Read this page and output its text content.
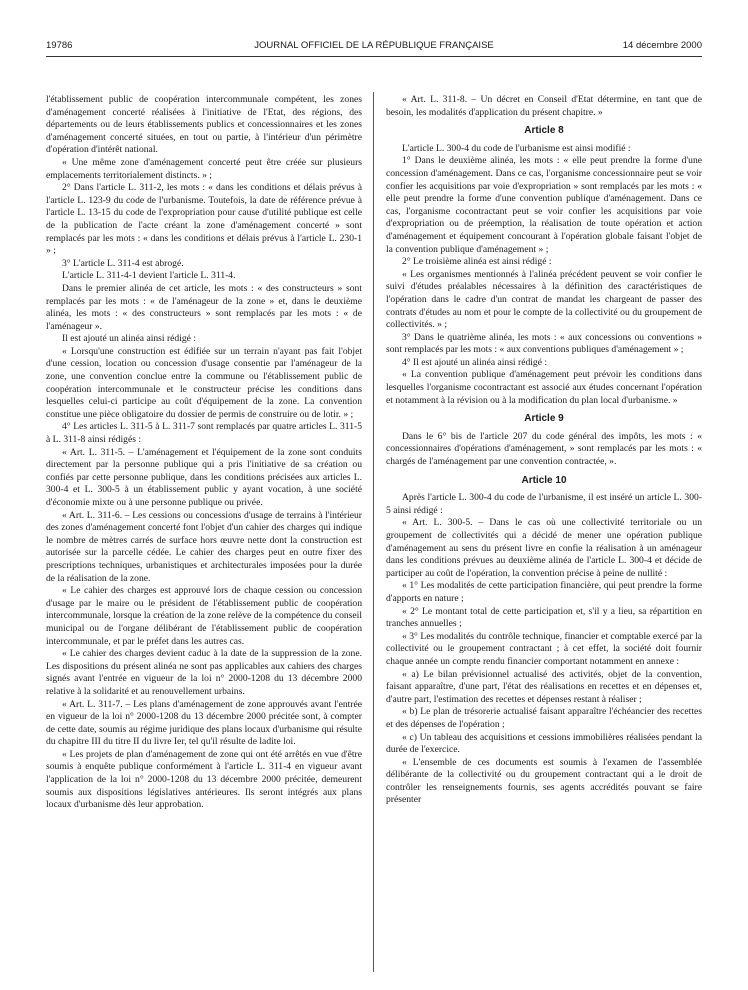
19786	JOURNAL OFFICIEL DE LA RÉPUBLIQUE FRANÇAISE	14 décembre 2000

l'établissement public de coopération intercommunale compétent, les zones d'aménagement concerté réalisées à l'initiative de l'Etat, des régions, des départements ou de leurs établissements publics et concessionnaires et les zones d'aménagement concerté situées, en tout ou partie, à l'intérieur d'un périmètre d'opération d'intérêt national.

« Une même zone d'aménagement concerté peut être créée sur plusieurs emplacements territorialement distincts. » ;

2° Dans l'article L. 311-2, les mots : « dans les conditions et délais prévus à l'article L. 123-9 du code de l'urbanisme. Toutefois, la date de référence prévue à l'article L. 13-15 du code de l'expropriation pour cause d'utilité publique est celle de la publication de l'acte créant la zone d'aménagement concerté » sont remplacés par les mots : « dans les conditions et délais prévus à l'article L. 230-1 » ;

3° L'article L. 311-4 est abrogé.

L'article L. 311-4-1 devient l'article L. 311-4.

Dans le premier alinéa de cet article, les mots : « des constructeurs » sont remplacés par les mots : « de l'aménageur de la zone » et, dans le deuxième alinéa, les mots : « des constructeurs » sont remplacés par les mots : « de l'aménageur ».

Il est ajouté un alinéa ainsi rédigé :

« Lorsqu'une construction est édifiée sur un terrain n'ayant pas fait l'objet d'une cession, location ou concession d'usage consentie par l'aménageur de la zone, une convention conclue entre la commune ou l'établissement public de coopération intercommunale et le constructeur précise les conditions dans lesquelles celui-ci participe au coût d'équipement de la zone. La convention constitue une pièce obligatoire du dossier de permis de construire ou de lotir. » ;

4° Les articles L. 311-5 à L. 311-7 sont remplacés par quatre articles L. 311-5 à L. 311-8 ainsi rédigés :

« Art. L. 311-5. – L'aménagement et l'équipement de la zone sont conduits directement par la personne publique qui a pris l'initiative de sa création ou confiés par cette personne publique, dans les conditions précisées aux articles L. 300-4 et L. 300-5 à un établissement public y ayant vocation, à une société d'économie mixte ou à une personne publique ou privée.

« Art. L. 311-6. – Les cessions ou concessions d'usage de terrains à l'intérieur des zones d'aménagement concerté font l'objet d'un cahier des charges qui indique le nombre de mètres carrés de surface hors œuvre nette dont la construction est autorisée sur la parcelle cédée. Le cahier des charges peut en outre fixer des prescriptions techniques, urbanistiques et architecturales imposées pour la durée de la réalisation de la zone.

« Le cahier des charges est approuvé lors de chaque cession ou concession d'usage par le maire ou le président de l'établissement public de coopération intercommunale, lorsque la création de la zone relève de la compétence du conseil municipal ou de l'organe délibérant de l'établissement public de coopération intercommunale, et par le préfet dans les autres cas.

« Le cahier des charges devient caduc à la date de la suppression de la zone. Les dispositions du présent alinéa ne sont pas applicables aux cahiers des charges signés avant l'entrée en vigueur de la loi n° 2000-1208 du 13 décembre 2000 relative à la solidarité et au renouvellement urbains.

« Art. L. 311-7. – Les plans d'aménagement de zone approuvés avant l'entrée en vigueur de la loi n° 2000-1208 du 13 décembre 2000 précitée sont, à compter de cette date, soumis au régime juridique des plans locaux d'urbanisme qui résulte du chapitre III du titre II du livre Ier, tel qu'il résulte de ladite loi.

« Les projets de plan d'aménagement de zone qui ont été arrêtés en vue d'être soumis à enquête publique conformément à l'article L. 311-4 en vigueur avant l'application de la loi n° 2000-1208 du 13 décembre 2000 précitée, demeurent soumis aux dispositions législatives antérieures. Ils seront intégrés aux plans locaux d'urbanisme dès leur approbation.

« Art. L. 311-8. – Un décret en Conseil d'Etat détermine, en tant que de besoin, les modalités d'application du présent chapitre. »

Article 8

L'article L. 300-4 du code de l'urbanisme est ainsi modifié :

1° Dans le deuxième alinéa, les mots : « elle peut prendre la forme d'une concession d'aménagement. Dans ce cas, l'organisme concessionnaire peut se voir confier les acquisitions par voie d'expropriation » sont remplacés par les mots : « elle peut prendre la forme d'une convention publique d'aménagement. Dans ce cas, l'organisme cocontractant peut se voir confier les acquisitions par voie d'expropriation ou de préemption, la réalisation de toute opération et action d'aménagement et équipement concourant à l'opération globale faisant l'objet de la convention publique d'aménagement » ;

2° Le troisième alinéa est ainsi rédigé :

« Les organismes mentionnés à l'alinéa précédent peuvent se voir confier le suivi d'études préalables nécessaires à la définition des caractéristiques de l'opération dans le cadre d'un contrat de mandat les chargeant de passer des contrats d'études au nom et pour le compte de la collectivité ou du groupement de collectivités. » ;

3° Dans le quatrième alinéa, les mots : « aux concessions ou conventions » sont remplacés par les mots : « aux conventions publiques d'aménagement » ;

4° Il est ajouté un alinéa ainsi rédigé :

« La convention publique d'aménagement peut prévoir les conditions dans lesquelles l'organisme cocontractant est associé aux études concernant l'opération et notamment à la révision ou à la modification du plan local d'urbanisme. »

Article 9

Dans le 6° bis de l'article 207 du code général des impôts, les mots : « concessionnaires d'opérations d'aménagement, » sont remplacés par les mots : « chargés de l'aménagement par une convention contractée, ».

Article 10

Après l'article L. 300-4 du code de l'urbanisme, il est inséré un article L. 300-5 ainsi rédigé :

« Art. L. 300-5. – Dans le cas où une collectivité territoriale ou un groupement de collectivités qui a décidé de mener une opération publique d'aménagement au sens du présent livre en confie la réalisation à un aménageur dans les conditions prévues au deuxième alinéa de l'article L. 300-4 et décide de participer au coût de l'opération, la convention précise à peine de nullité :

« 1° Les modalités de cette participation financière, qui peut prendre la forme d'apports en nature ;

« 2° Le montant total de cette participation et, s'il y a lieu, sa répartition en tranches annuelles ;

« 3° Les modalités du contrôle technique, financier et comptable exercé par la collectivité ou le groupement contractant ; à cet effet, la société doit fournir chaque année un compte rendu financier comportant notamment en annexe :

« a) Le bilan prévisionnel actualisé des activités, objet de la convention, faisant apparaître, d'une part, l'état des réalisations en recettes et en dépenses et, d'autre part, l'estimation des recettes et dépenses restant à réaliser ;

« b) Le plan de trésorerie actualisé faisant apparaître l'échéancier des recettes et des dépenses de l'opération ;

« c) Un tableau des acquisitions et cessions immobilières réalisées pendant la durée de l'exercice.

« L'ensemble de ces documents est soumis à l'examen de l'assemblée délibérante de la collectivité ou du groupement contractant qui a le droit de contrôler les renseignements fournis, ses agents accrédités pouvant se faire présenter
